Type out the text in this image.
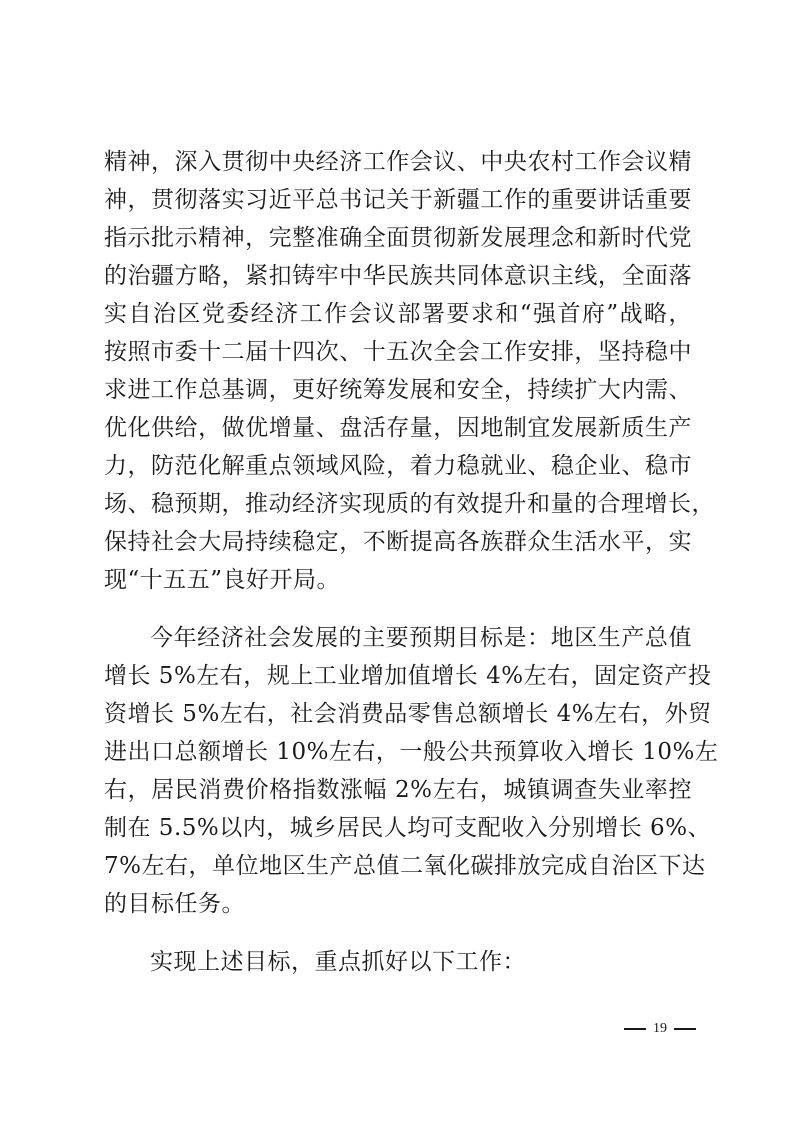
精神，深入贯彻中央经济工作会议、中央农村工作会议精
神，贯彻落实习近平总书记关于新疆工作的重要讲话重要
指示批示精神，完整准确全面贯彻新发展理念和新时代党
的治疆方略，紧扣铸牢中华民族共同体意识主线，全面落
实自治区党委经济工作会议部署要求和“强首府”战略，
按照市委十二届十四次、十五次全会工作安排，坚持稳中
求进工作总基调，更好统筹发展和安全，持续扩大内需、
优化供给，做优增量、盘活存量，因地制宜发展新质生产
力，防范化解重点领域风险，着力稳就业、稳企业、稳市
场、稳预期，推动经济实现质的有效提升和量的合理增长，
保持社会大局持续稳定，不断提高各族群众生活水平，实
现“十五五”良好开局。
今年经济社会发展的主要预期目标是：地区生产总值
增长 5%左右，规上工业增加值增长 4%左右，固定资产投
资增长 5%左右，社会消费品零售总额增长 4%左右，外贸
进出口总额增长 10%左右，一般公共预算收入增长 10%左
右，居民消费价格指数涨幅 2%左右，城镇调查失业率控
制在 5.5%以内，城乡居民人均可支配收入分别增长 6%、
7%左右，单位地区生产总值二氧化碳排放完成自治区下达
的目标任务。
实现上述目标，重点抓好以下工作：
19
